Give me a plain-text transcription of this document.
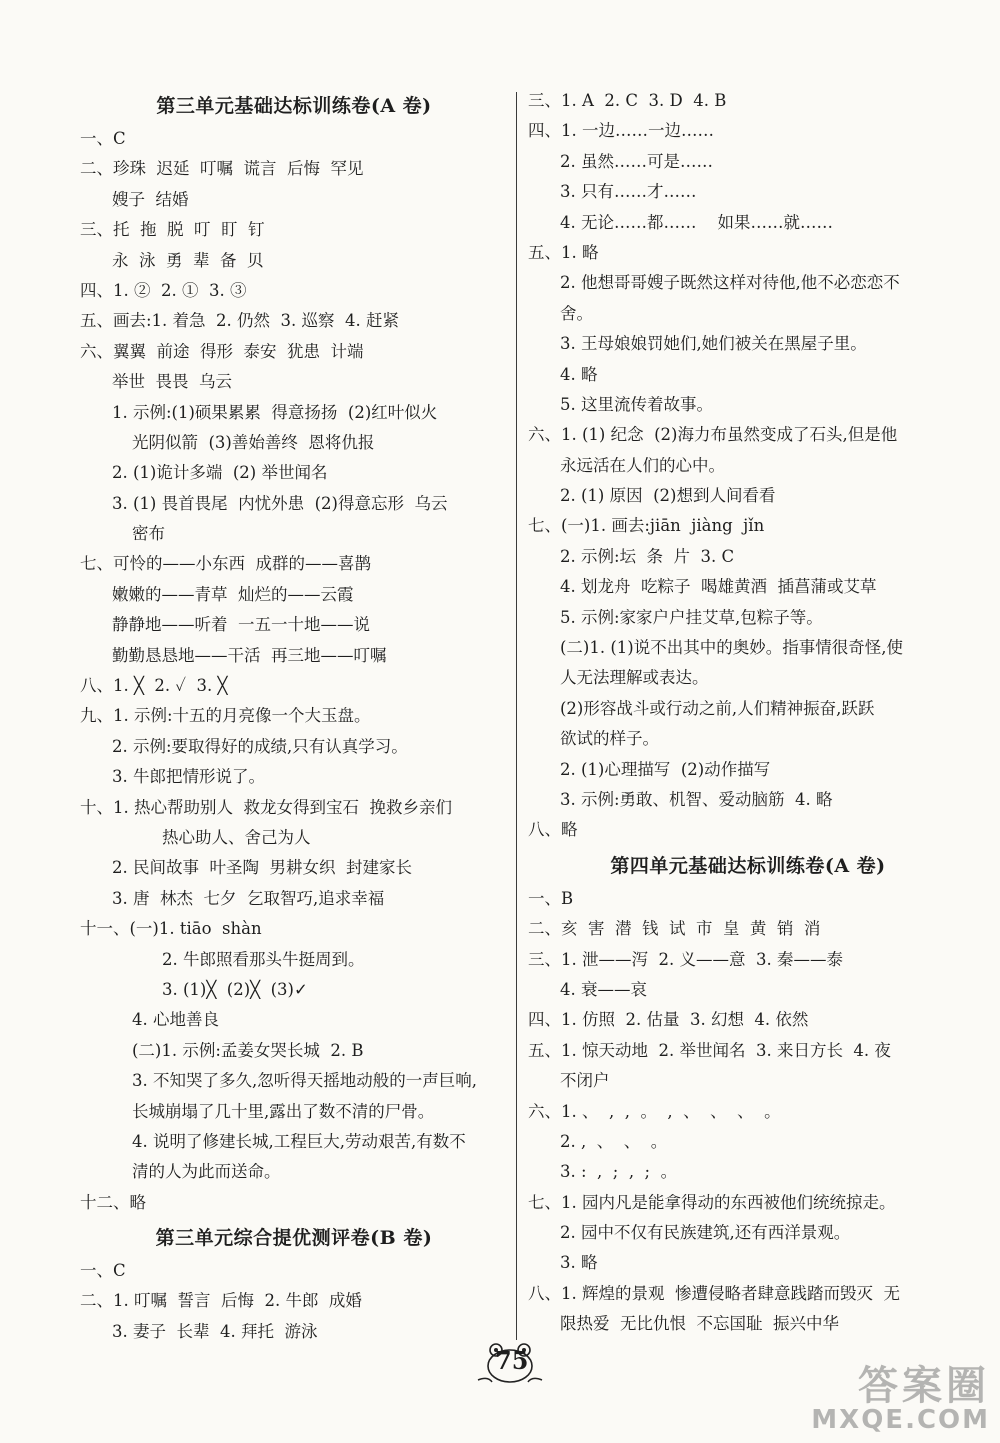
第三单元基础达标训练卷(A 卷)
一、C
二、珍珠  迟延  叮嘱  谎言  后悔  罕见
嫂子  结婚
三、托  拖  脱  叮  盯  钉
永  泳  勇  辈  备  贝
四、1. ②  2. ①  3. ③
五、画去:1. 着急  2. 仍然  3. 巡察  4. 赶紧
六、翼翼  前途  得形  泰安  犹患  计端
举世  畏畏  乌云
1. 示例:(1)硕果累累  得意扬扬  (2)红叶似火
光阴似箭  (3)善始善终  恩将仇报
2. (1)诡计多端  (2) 举世闻名
3. (1) 畏首畏尾  内忧外患  (2)得意忘形  乌云
密布
七、可怜的——小东西  成群的——喜鹊
嫩嫩的——青草  灿烂的——云霞
静静地——听着  一五一十地——说
勤勤恳恳地——干活  再三地——叮嘱
八、1. ╳  2. ✓  3. ╳
九、1. 示例:十五的月亮像一个大玉盘。
2. 示例:要取得好的成绩,只有认真学习。
3. 牛郎把情形说了。
十、1. 热心帮助别人  救龙女得到宝石  挽救乡亲们
热心助人、舍己为人
2. 民间故事  叶圣陶  男耕女织  封建家长
3. 唐  林杰  七夕  乞取智巧,追求幸福
十一、(一)1. tiāo  shàn
2. 牛郎照看那头牛挺周到。
3. (1)╳  (2)╳  (3)✓
4. 心地善良
(二)1. 示例:孟姜女哭长城  2. B
3. 不知哭了多久,忽听得天摇地动般的一声巨响,
长城崩塌了几十里,露出了数不清的尸骨。
4. 说明了修建长城,工程巨大,劳动艰苦,有数不
清的人为此而送命。
十二、略
第三单元综合提优测评卷(B 卷)
一、C
二、1. 叮嘱  誓言  后悔  2. 牛郎  成婚
3. 妻子  长辈  4. 拜托  游泳
三、1. A  2. C  3. D  4. B
四、1. 一边……一边……
2. 虽然……可是……
3. 只有……才……
4. 无论……都……    如果……就……
五、1. 略
2. 他想哥哥嫂子既然这样对待他,他不必恋恋不
舍。
3. 王母娘娘罚她们,她们被关在黑屋子里。
4. 略
5. 这里流传着故事。
六、1. (1) 纪念  (2)海力布虽然变成了石头,但是他
永远活在人们的心中。
2. (1) 原因  (2)想到人间看看
七、(一)1. 画去:jiān  jiàng  jǐn
2. 示例:坛  条  片  3. C
4. 划龙舟  吃粽子  喝雄黄酒  插菖蒲或艾草
5. 示例:家家户户挂艾草,包粽子等。
(二)1. (1)说不出其中的奥妙。指事情很奇怪,使
人无法理解或表达。
(2)形容战斗或行动之前,人们精神振奋,跃跃
欲试的样子。
2. (1)心理描写  (2)动作描写
3. 示例:勇敢、机智、爱动脑筋  4. 略
八、略
第四单元基础达标训练卷(A 卷)
一、B
二、亥  害  潜  钱  试  市  皇  黄  销  消
三、1. 泄——泻  2. 义——意  3. 秦——泰
4. 衰——哀
四、1. 仿照  2. 估量  3. 幻想  4. 依然
五、1. 惊天动地  2. 举世闻名  3. 来日方长  4. 夜
不闭户
六、1. 、  ,  ,  。  ,  、  、  、  。
2. ,  、  、  。
3. :  ,  ;  ,  ;  。
七、1. 园内凡是能拿得动的东西被他们统统掠走。
2. 园中不仅有民族建筑,还有西洋景观。
3. 略
八、1. 辉煌的景观  惨遭侵略者肆意践踏而毁灭  无
限热爱  无比仇恨  不忘国耻  振兴中华
75
答案圈
MXQE.COM
